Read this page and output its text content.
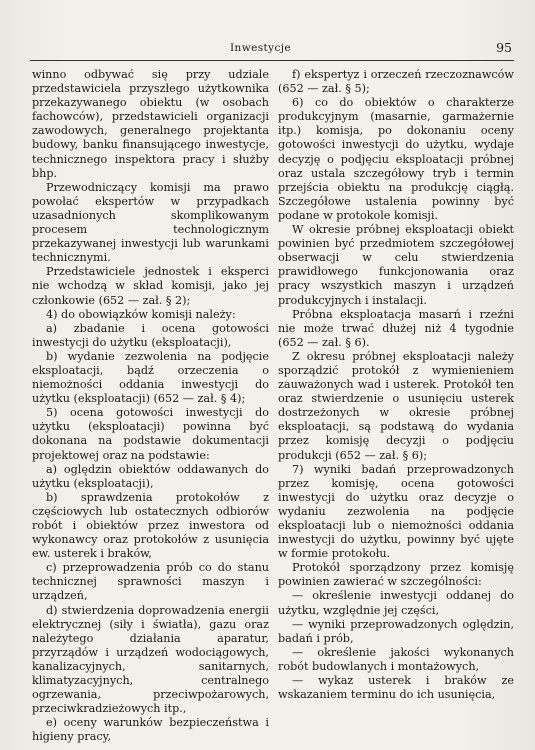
Inwestycje	95

winno odbywać się przy udziale przedstawiciela przyszłego użytkownika przekazywanego obiektu (w osobach fachowców), przedstawicieli organizacji zawodowych, generalnego projektanta budowy, banku finansującego inwestycje, technicznego inspektora pracy i służby bhp.

Przewodniczący komisji ma prawo powołać ekspertów w przypadkach uzasadnionych skomplikowanym procesem technologicznym przekazywanej inwestycji lub warunkami technicznymi.

Przedstawiciele jednostek i eksperci nie wchodzą w skład komisji, jako jej członkowie (652 — zał. § 2);

4) do obowiązków komisji należy:

a) zbadanie i ocena gotowości inwestycji do użytku (eksploatacji),

b) wydanie zezwolenia na podjęcie eksploatacji, bądź orzeczenia o niemożności oddania inwestycji do użytku (eksploatacji) (652 — zał. § 4);

5) ocena gotowości inwestycji do użytku (eksploatacji) powinna być dokonana na podstawie dokumentacji projektowej oraz na podstawie:

a) oględzin obiektów oddawanych do użytku (eksploatacji),

b) sprawdzenia protokołów z częściowych lub ostatecznych odbiorów robót i obiektów przez inwestora od wykonawcy oraz protokołów z usunięcia ew. usterek i braków,

c) przeprowadzenia prób co do stanu technicznej sprawności maszyn i urządzeń,

d) stwierdzenia doprowadzenia energii elektrycznej (siły i światła), gazu oraz należytego działania aparatur, przyrządów i urządzeń wodociągowych, kanalizacyjnych, sanitarnych, klimatyzacyjnych, centralnego ogrzewania, przeciwpożarowych, przeciwkradzieżowych itp.,

e) oceny warunków bezpieczeństwa i higieny pracy,

f) ekspertyz i orzeczeń rzeczoznawców (652 — zał. § 5);

6) co do obiektów o charakterze produkcyjnym (masarnie, garmażernie itp.) komisja, po dokonaniu oceny gotowości inwestycji do użytku, wydaje decyzję o podjęciu eksploatacji próbnej oraz ustala szczegółowy tryb i termin przejścia obiektu na produkcję ciągłą. Szczegółowe ustalenia powinny być podane w protokole komisji.

W okresie próbnej eksploatacji obiekt powinien być przedmiotem szczegółowej obserwacji w celu stwierdzenia prawidłowego funkcjonowania oraz pracy wszystkich maszyn i urządzeń produkcyjnych i instalacji.

Próbna eksploatacja masarń i rzeźni nie może trwać dłużej niż 4 tygodnie (652 — zał. § 6).

Z okresu próbnej eksploatacji należy sporządzić protokół z wymienieniem zauważonych wad i usterek. Protokół ten oraz stwierdzenie o usunięciu usterek dostrzeżonych w okresie próbnej eksploatacji, są podstawą do wydania przez komisję decyzji o podjęciu produkcji (652 — zał. § 6);

7) wyniki badań przeprowadzonych przez komisję, ocena gotowości inwestycji do użytku oraz decyzje o wydaniu zezwolenia na podjęcie eksploatacji lub o niemożności oddania inwestycji do użytku, powinny być ujęte w formie protokołu.

Protokół sporządzony przez komisję powinien zawierać w szczególności:

— określenie inwestycji oddanej do użytku, względnie jej części,

— wyniki przeprowadzonych oględzin, badań i prób,

— określenie jakości wykonanych robót budowlanych i montażowych,

— wykaz usterek i braków ze wskazaniem terminu do ich usunięcia,
